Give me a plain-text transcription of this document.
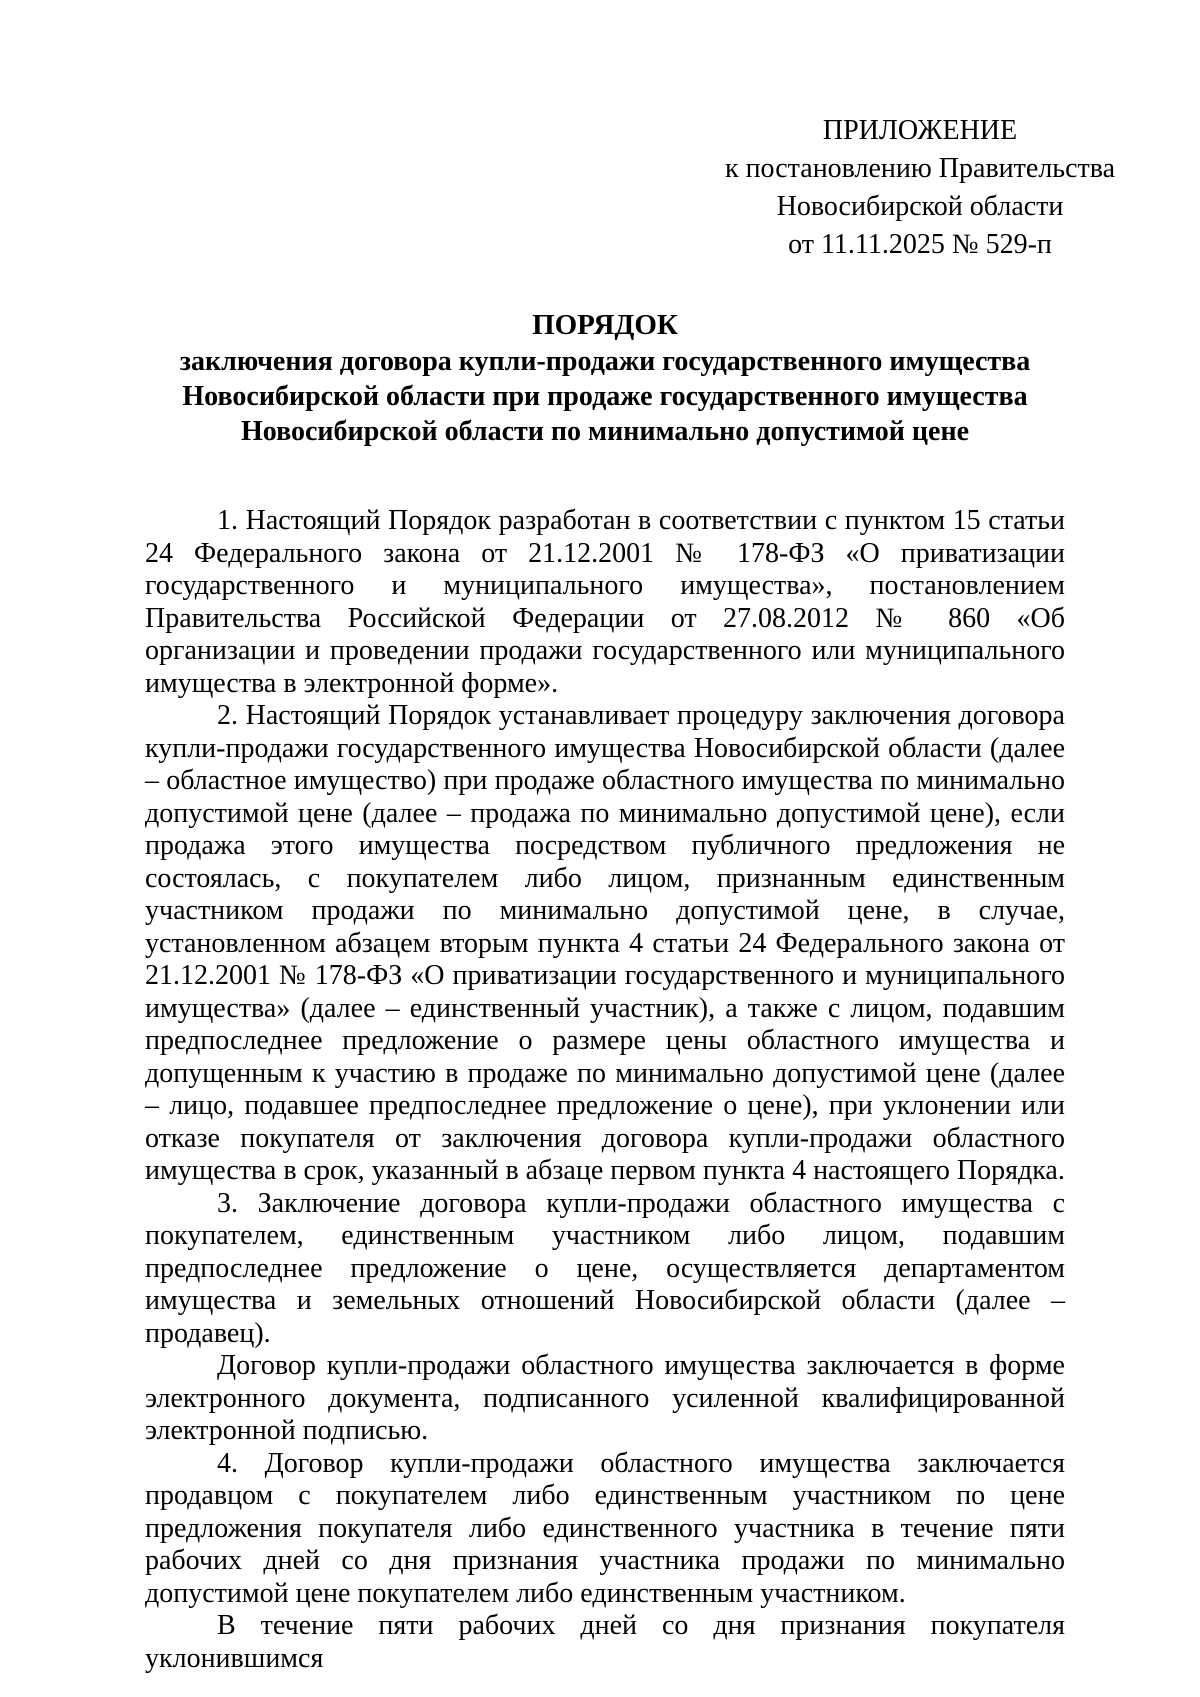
ПРИЛОЖЕНИЕ
к постановлению Правительства
Новосибирской области
от 11.11.2025 № 529-п
ПОРЯДОК
заключения договора купли-продажи государственного имущества
Новосибирской области при продаже государственного имущества
Новосибирской области по минимально допустимой цене

1. Настоящий Порядок разработан в соответствии с пунктом 15 статьи 24 Федерального закона от 21.12.2001 № 178-ФЗ «О приватизации государственного и муниципального имущества», постановлением Правительства Российской Федерации от 27.08.2012 № 860 «Об организации и проведении продажи государственного или муниципального имущества в электронной форме».

2. Настоящий Порядок устанавливает процедуру заключения договора купли-продажи государственного имущества Новосибирской области (далее – областное имущество) при продаже областного имущества по минимально допустимой цене (далее – продажа по минимально допустимой цене), если продажа этого имущества посредством публичного предложения не состоялась, с покупателем либо лицом, признанным единственным участником продажи по минимально допустимой цене, в случае, установленном абзацем вторым пункта 4 статьи 24 Федерального закона от 21.12.2001 № 178-ФЗ «О приватизации государственного и муниципального имущества» (далее – единственный участник), а также с лицом, подавшим предпоследнее предложение о размере цены областного имущества и допущенным к участию в продаже по минимально допустимой цене (далее – лицо, подавшее предпоследнее предложение о цене), при уклонении или отказе покупателя от заключения договора купли-продажи областного имущества в срок, указанный в абзаце первом пункта 4 настоящего Порядка.

3. Заключение договора купли-продажи областного имущества с покупателем, единственным участником либо лицом, подавшим предпоследнее предложение о цене, осуществляется департаментом имущества и земельных отношений Новосибирской области (далее – продавец).

Договор купли-продажи областного имущества заключается в форме электронного документа, подписанного усиленной квалифицированной электронной подписью.

4. Договор купли-продажи областного имущества заключается продавцом с покупателем либо единственным участником по цене предложения покупателя либо единственного участника в течение пяти рабочих дней со дня признания участника продажи по минимально допустимой цене покупателем либо единственным участником.

В течение пяти рабочих дней со дня признания покупателя уклонившимся
